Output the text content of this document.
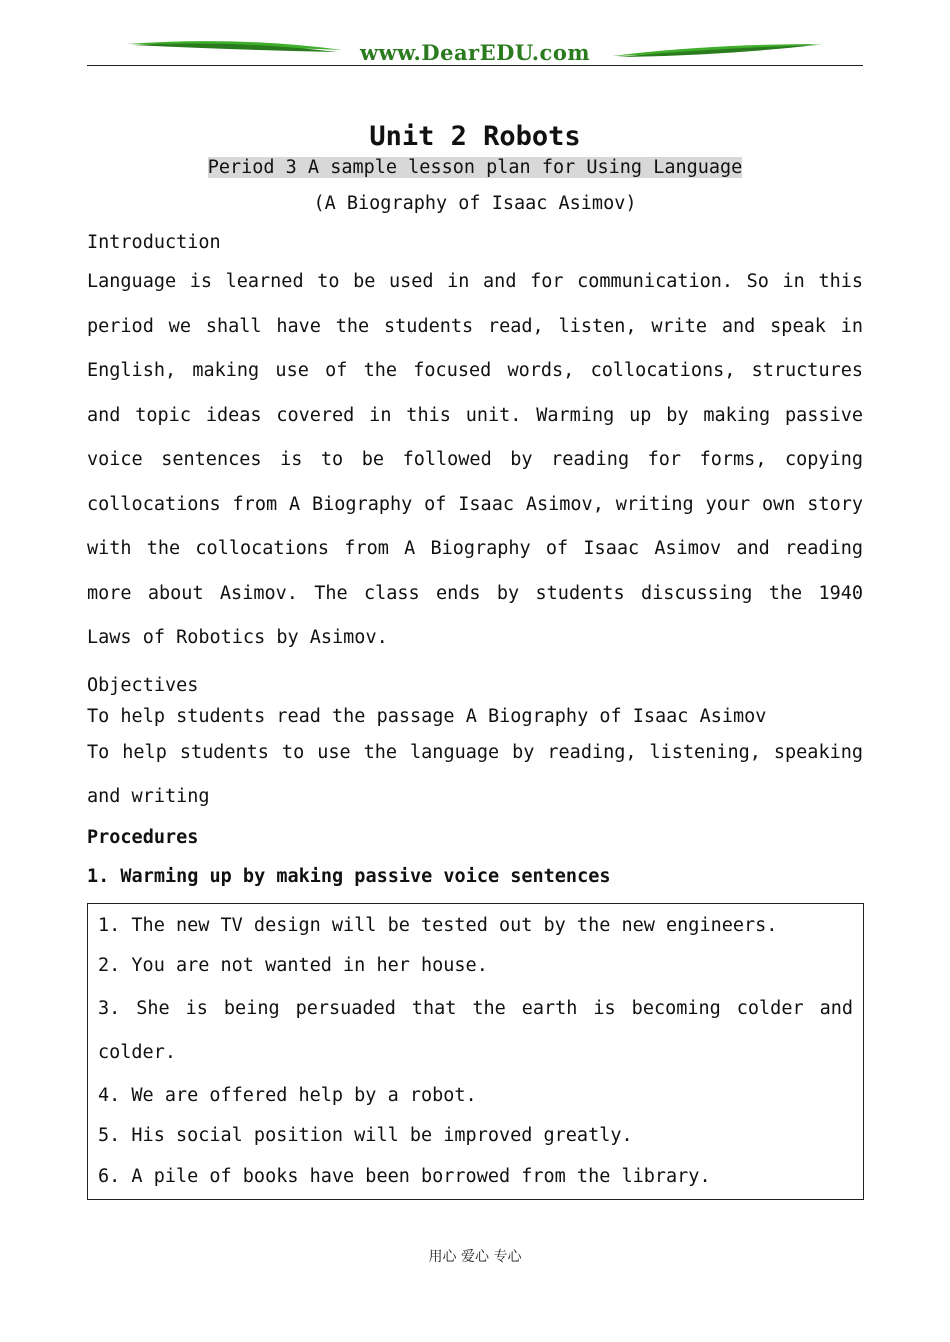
www.DearEDU.com
Unit 2 Robots

Period 3 A sample lesson plan for Using Language

(A Biography of Isaac Asimov)

Introduction

Language is learned to be used in and for communication. So in this period we shall have the students read, listen, write and speak in English, making use of the focused words, collocations, structures and topic ideas covered in this unit. Warming up by making passive voice sentences is to be followed by reading for forms, copying collocations from A Biography of Isaac Asimov, writing your own story with the collocations from A Biography of Isaac Asimov and reading more about Asimov. The class ends by students discussing the 1940 Laws of Robotics by Asimov.

Objectives

To help students read the passage A Biography of Isaac Asimov

To help students to use the language by reading, listening, speaking and writing

Procedures

1. Warming up by making passive voice sentences

1. The new TV design will be tested out by the new engineers.

2. You are not wanted in her house.

3. She is being persuaded that the earth is becoming colder and colder.

4. We are offered help by a robot.

5. His social position will be improved greatly.

6. A pile of books have been borrowed from the library.

用心 爱心 专心
